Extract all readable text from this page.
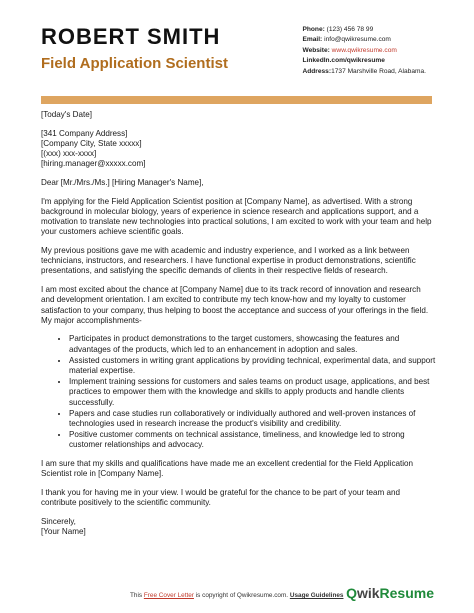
ROBERT SMITH
Field Application Scientist
Phone: (123) 456 78 99
Email: info@qwikresume.com
Website: www.qwikresume.com
LinkedIn.com/qwikresume
Address:1737 Marshville Road, Alabama.

[Today's Date]

[341 Company Address]
[Company City, State xxxxx]
[(xxx) xxx-xxxx]
[hiring.manager@xxxxx.com]

Dear [Mr./Mrs./Ms.] [Hiring Manager's Name],

I'm applying for the Field Application Scientist position at [Company Name], as advertised. With a strong background in molecular biology, years of experience in science research and applications support, and a motivation to translate new technologies into practical solutions, I am excited to work with your team and help your customers achieve scientific goals.

My previous positions gave me with academic and industry experience, and I worked as a link between technicians, instructors, and researchers. I have functional expertise in product demonstrations, scientific presentations, and satisfying the specific demands of clients in their respective fields of research.

I am most excited about the chance at [Company Name] due to its track record of innovation and research and development orientation. I am excited to contribute my tech know-how and my loyalty to customer satisfaction to your company, thus helping to boost the acceptance and success of your offerings in the field. My major accomplishments-

• Participates in product demonstrations to the target customers, showcasing the features and advantages of the products, which led to an enhancement in adoption and sales.
• Assisted customers in writing grant applications by providing technical, experimental data, and support material expertise.
• Implement training sessions for customers and sales teams on product usage, applications, and best practices to empower them with the knowledge and skills to apply products and handle clients successfully.
• Papers and case studies run collaboratively or individually authored and well-proven instances of technologies used in research increase the product's visibility and credibility.
• Positive customer comments on technical assistance, timeliness, and knowledge led to strong customer relationships and advocacy.

I am sure that my skills and qualifications have made me an excellent credential for the Field Application Scientist role in [Company Name].

I thank you for having me in your view. I would be grateful for the chance to be part of your team and contribute positively to the scientific community.

Sincerely,
[Your Name]
This Free Cover Letter is copyright of Qwikresume.com. Usage Guidelines QwikResume
